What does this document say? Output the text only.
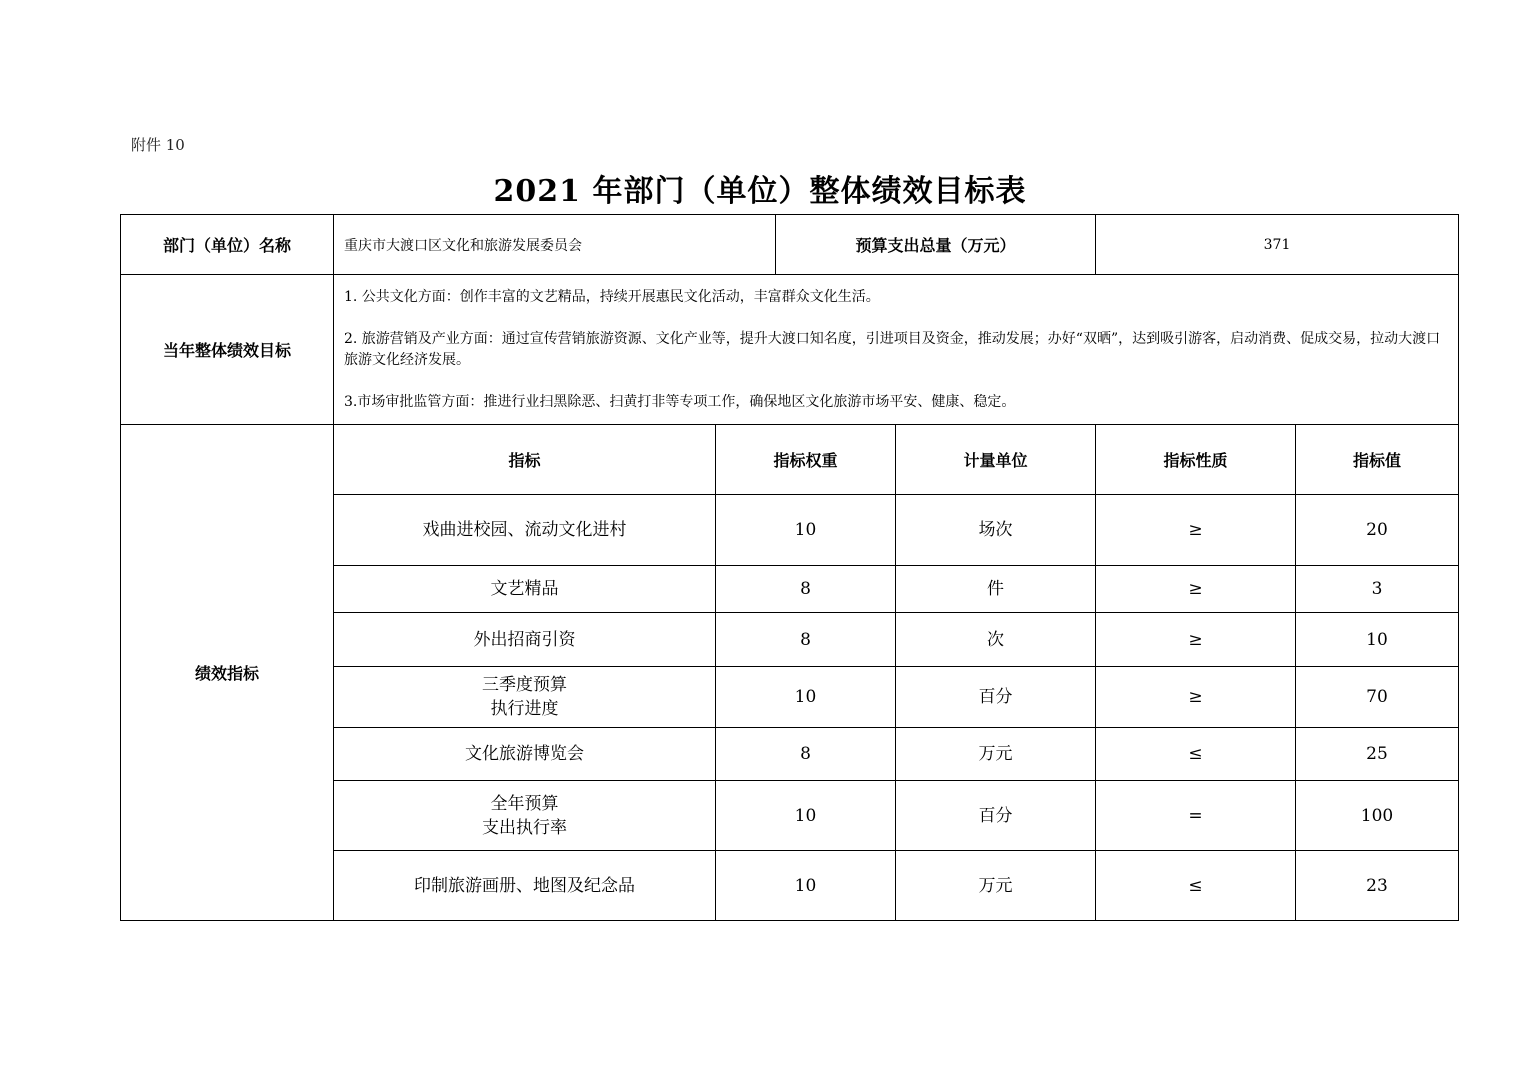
附件 10
2021 年部门（单位）整体绩效目标表
部门（单位）名称	重庆市大渡口区文化和旅游发展委员会		预算支出总量（万元）		371	
当年整体绩效目标	1. 公共文化方面：创作丰富的文艺精品，持续开展惠民文化活动，丰富群众文化生活。

2. 旅游营销及产业方面：通过宣传营销旅游资源、文化产业等，提升大渡口知名度，引进项目及资金，推动发展；办好“双晒”，达到吸引游客，启动消费、促成交易，拉动大渡口旅游文化经济发展。

3.市场审批监管方面：推进行业扫黑除恶、扫黄打非等专项工作，确保地区文化旅游市场平安、健康、稳定。					

绩效指标	指标	指标权重		计量单位	指标性质	指标值

	戏曲进校园、流动文化进村	10		场次	≥	20

	文艺精品	8		件	≥	3

	外出招商引资	8		次	≥	10

	三季度预算
执行进度	10		百分	≥	70

	文化旅游博览会	8		万元	≤	25

	全年预算
支出执行率	10		百分	=	100

	印制旅游画册、地图及纪念品	10		万元	≤	23
